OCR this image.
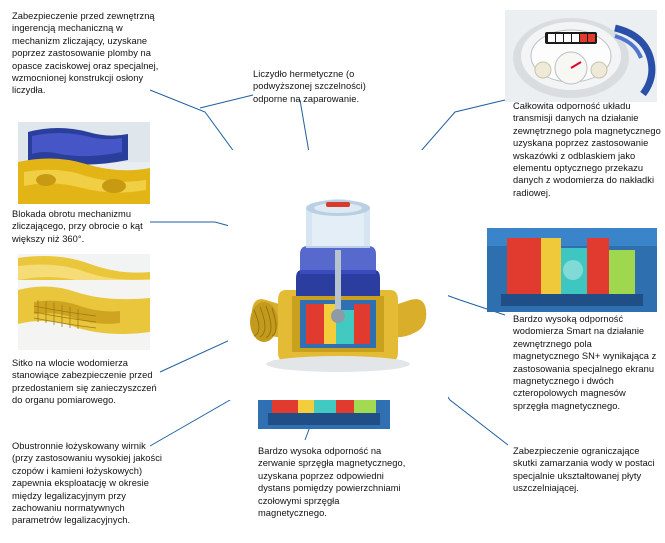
Zabezpieczenie przed zewnętrzną ingerencją mechaniczną w mechanizm zliczający, uzyskane poprzez zastosowanie plomby na opasce zaciskowej oraz specjalnej, wzmocnionej konstrukcji osłony liczydła.
Liczydło hermetyczne (o podwyższonej szczelności) odporne na zaparowanie.
Całkowita odporność układu transmisji danych na działanie zewnętrznego pola magnetycznego uzyskana poprzez zastosowanie wskazówki z odblaskiem jako elementu optycznego przekazu danych z wodomierza do nakładki radiowej.
Blokada obrotu mechanizmu zliczającego, przy obrocie o kąt większy niż 360°.
Bardzo wysoką odporność wodomierza Smart na działanie zewnętrznego pola magnetycznego SN+ wynikająca z zastosowania specjalnego ekranu magnetycznego i dwóch czteropolowych magnesów sprzęgła magnetycznego.
Sitko na wlocie wodomierza stanowiące zabezpieczenie przed przedostaniem się zanieczyszczeń do organu pomiarowego.
Obustronnie łożyskowany wirnik (przy zastosowaniu wysokiej jakości czopów i kamieni łożyskowych) zapewnia eksploatację w okresie między legalizacyjnym przy zachowaniu normatywnych parametrów legalizacyjnych.
Bardzo wysoka odporność na zerwanie sprzęgła magnetycznego, uzyskana poprzez odpowiedni dystans pomiędzy powierzchniami czołowymi sprzęgła magnetycznego.
Zabezpieczenie ograniczające skutki zamarzania wody w postaci specjalnie ukształtowanej płyty uszczelniającej.
